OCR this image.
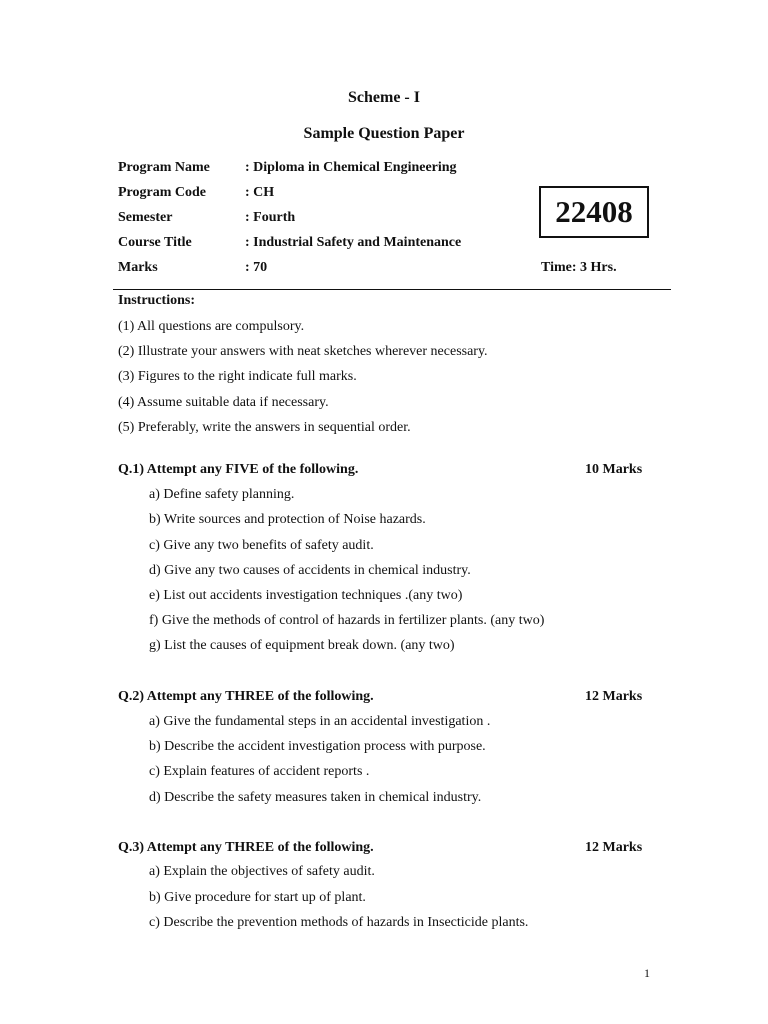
Scheme - I
Sample Question Paper
Program Name	: Diploma in Chemical Engineering
Program Code	: CH
Semester	: Fourth
Course Title	: Industrial Safety and Maintenance
Marks	: 70
22408
Time: 3 Hrs.
Instructions:
(1) All questions are compulsory.
(2) Illustrate your answers with neat sketches wherever necessary.
(3) Figures to the right indicate full marks.
(4) Assume suitable data if necessary.
(5) Preferably, write the answers in sequential order.
Q.1) Attempt any FIVE of the following.	10 Marks
a) Define safety planning.
b) Write sources and protection of Noise hazards.
c) Give any two benefits of safety audit.
d) Give any two causes of accidents in chemical industry.
e) List out accidents investigation techniques .(any two)
f) Give the methods of control of hazards in fertilizer plants. (any two)
g) List the causes of equipment break down. (any two)
Q.2) Attempt any THREE of the following.	12 Marks
a) Give the fundamental steps in an accidental investigation .
b) Describe the accident investigation process with purpose.
c) Explain features of accident reports .
d) Describe the safety measures taken in chemical industry.
Q.3) Attempt any THREE of the following.	12 Marks
a) Explain the objectives of safety audit.
b) Give procedure for start up of plant.
c) Describe the prevention methods of hazards in Insecticide plants.
1
